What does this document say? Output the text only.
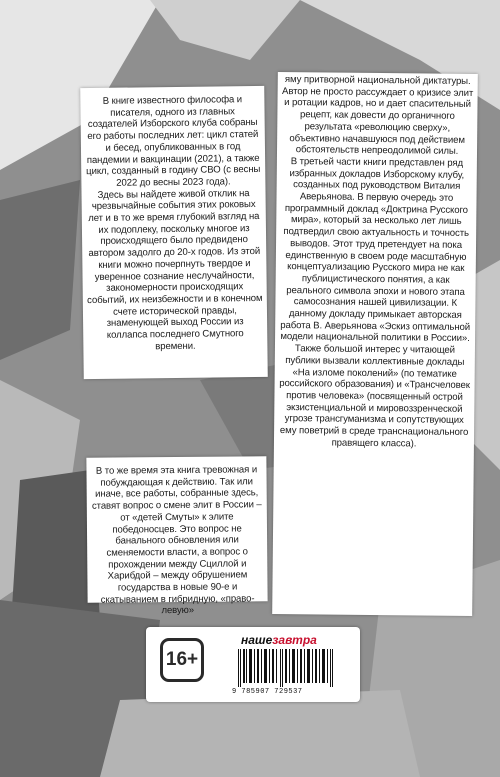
В книге известного философа и писателя, одного из главных создателей Изборского клуба собраны его работы последних лет: цикл статей и бесед, опубликованных в год пандемии и вакцинации (2021), а также цикл, созданный в годину СВО (с весны 2022 до весны 2023 года).

Здесь вы найдете живой отклик на чрезвычайные события этих роковых лет и в то же время глубокий взгляд на их подоплеку, поскольку многое из происходящего было предвидено автором задолго до 20-х годов. Из этой книги можно почерпнуть твердое и уверенное сознание неслучайности, закономерности происходящих событий, их неизбежности и в конечном счете исторической правды, знаменующей выход России из коллапса последнего Смутного времени.

В то же время эта книга тревожная и побуждающая к действию. Так или иначе, все работы, собранные здесь, ставят вопрос о смене элит в России – от «детей Смуты» к элите победоносцев. Это вопрос не банального обновления или сменяемости власти, а вопрос о прохождении между Сциллой и Харибдой – между обрушением государства в новые 90-е и скатыванием в гибридную, «право-левую»

яму притворной национальной диктатуры. Автор не просто рассуждает о кризисе элит и ротации кадров, но и дает спасительный рецепт, как довести до органичного результата «революцию сверху», объективно начавшуюся под действием обстоятельств непреодолимой силы.

В третьей части книги представлен ряд избранных докладов Изборскому клубу, созданных под руководством Виталия Аверьянова. В первую очередь это программный доклад «Доктрина Русского мира», который за несколько лет лишь подтвердил свою актуальность и точность выводов. Этот труд претендует на пока единственную в своем роде масштабную концептуализацию Русского мира не как публицистического понятия, а как реального символа эпохи и нового этапа самосознания нашей цивилизации. К данному докладу примыкает авторская работа В. Аверьянова «Эскиз оптимальной модели национальной политики в России». Также большой интерес у читающей публики вызвали коллективные доклады «На изломе поколений» (по тематике российского образования) и «Трансчеловек против человека» (посвященный острой экзистенциальной и мировоззренческой угрозе трансгуманизма и сопутствующих ему поветрий в среде транснационального правящего класса).

16+
нашезавтра
9 785907 729537
